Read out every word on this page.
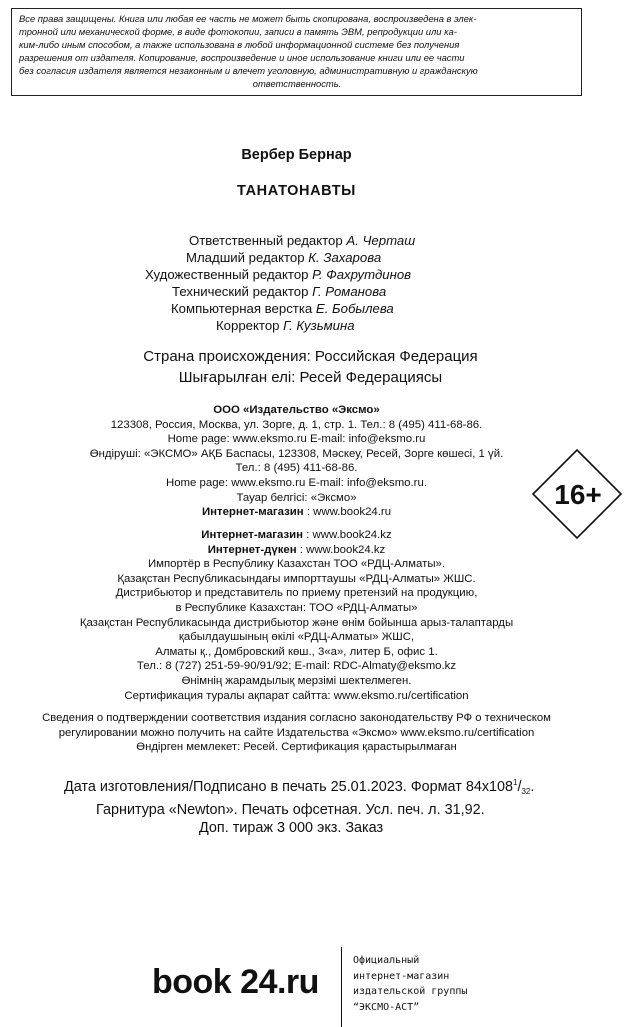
Все права защищены. Книга или любая ее часть не может быть скопирована, воспроизведена в элек-
тронной или механической форме, в виде фотокопии, записи в память ЭВМ, репродукции или ка-
ким-либо иным способом, а также использована в любой информационной системе без получения
разрешения от издателя. Копирование, воспроизведение и иное использование книги или ее части
без согласия издателя является незаконным и влечет уголовную, административную и гражданскую
ответственность.
Вербер Бернар
ТАНАТОНАВТЫ
Ответственный редактор А. Черташ
Младший редактор К. Захарова
Художественный редактор Р. Фахрутдинов
Технический редактор Г. Романова
Компьютерная верстка Е. Бобылева
Корректор Г. Кузьмина
Страна происхождения: Российская Федерация
Шығарылған елі: Ресей Федерациясы
ООО «Издательство «Эксмо»
123308, Россия, Москва, ул. Зорге, д. 1, стр. 1. Тел.: 8 (495) 411-68-86.
Home page: www.eksmo.ru E-mail: info@eksmo.ru
Өндіруші: «ЭКСМО» АҚБ Баспасы, 123308, Мәскеу, Ресей, Зорге көшесі, 1 үй.
Тел.: 8 (495) 411-68-86.
Home page: www.eksmo.ru E-mail: info@eksmo.ru.
Тауар белгісі: «Эксмо»
Интернет-магазин : www.book24.ru
Интернет-магазин : www.book24.kz
Интернет-дүкен : www.book24.kz
Импортёр в Республику Казахстан ТОО «РДЦ-Алматы».
Қазақстан Республикасындағы импорттаушы «РДЦ-Алматы» ЖШС.
Дистрибьютор и представитель по приему претензий на продукцию,
в Республике Казахстан: ТОО «РДЦ-Алматы»
Қазақстан Республикасында дистрибьютор және өнім бойынша арыз-талаптарды
қабылдаушының өкілі «РДЦ-Алматы» ЖШС,
Алматы қ., Домбровский көш., 3«а», литер Б, офис 1.
Тел.: 8 (727) 251-59-90/91/92; E-mail: RDC-Almaty@eksmo.kz
Өнімнің жарамдылық мерзімі шектелмеген.
Сертификация туралы ақпарат сайтта: www.eksmo.ru/certification
Сведения о подтверждении соответствия издания согласно законодательству РФ о техническом
регулировании можно получить на сайте Издательства «Эксмо» www.eksmo.ru/certification
Өндірген мемлекет: Ресей. Сертификация қарастырылмаған
Дата изготовления/Подписано в печать 25.01.2023. Формат $84x108^1/_{32}$.
Гарнитура «Newton». Печать офсетная. Усл. печ. л. 31,92.
Доп. тираж 3 000 экз. Заказ
16+
book 24.ru
Официальный
интернет-магазин
издательской группы
“ЭКСМО-АСТ”
